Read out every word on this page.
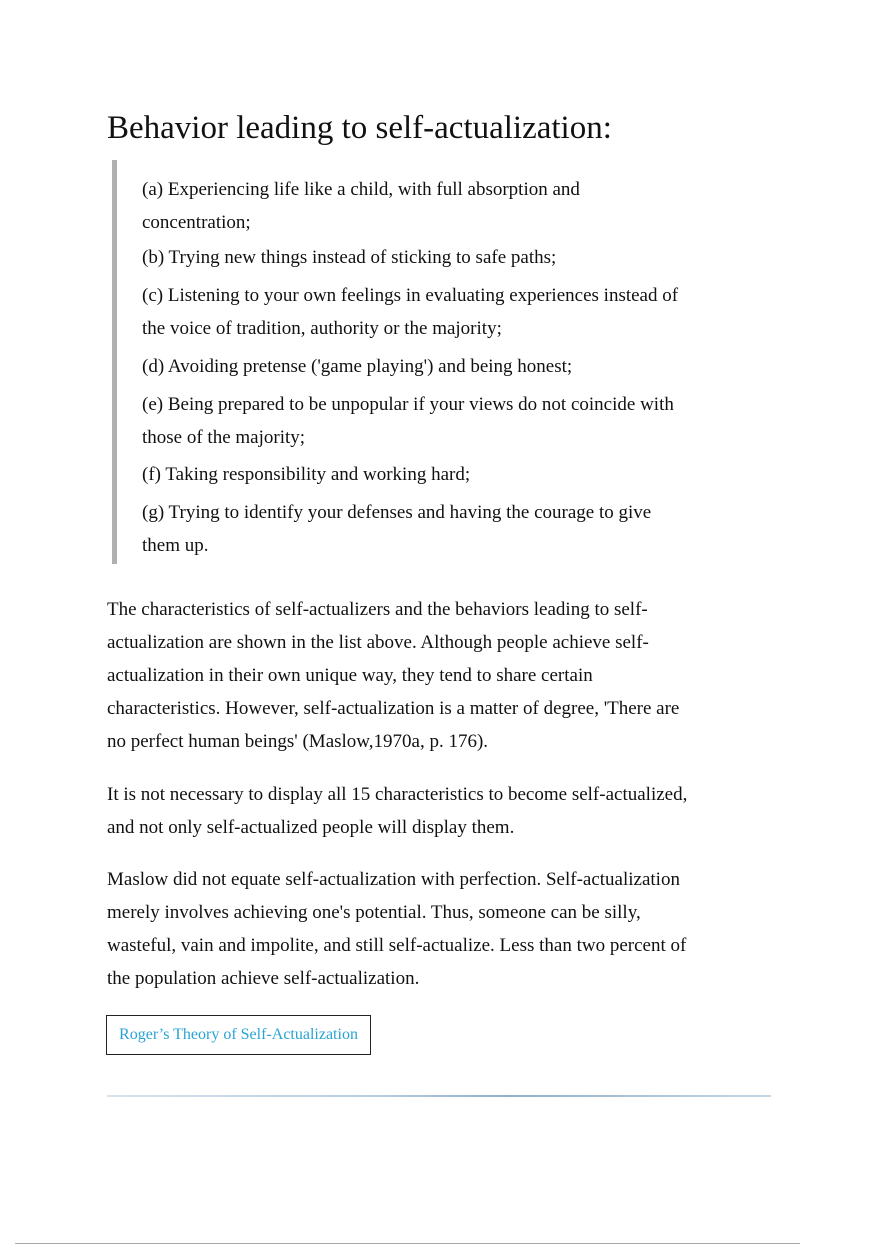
Behavior leading to self-actualization:

(a) Experiencing life like a child, with full absorption and
concentration;

(b) Trying new things instead of sticking to safe paths;

(c) Listening to your own feelings in evaluating experiences instead of
the voice of tradition, authority or the majority;

(d) Avoiding pretense ('game playing') and being honest;

(e) Being prepared to be unpopular if your views do not coincide with
those of the majority;

(f) Taking responsibility and working hard;

(g) Trying to identify your defenses and having the courage to give
them up.

The characteristics of self-actualizers and the behaviors leading to self-
actualization are shown in the list above. Although people achieve self-
actualization in their own unique way, they tend to share certain
characteristics. However, self-actualization is a matter of degree, 'There are
no perfect human beings' (Maslow,1970a, p. 176).

It is not necessary to display all 15 characteristics to become self-actualized,
and not only self-actualized people will display them.

Maslow did not equate self-actualization with perfection. Self-actualization
merely involves achieving one's potential. Thus, someone can be silly,
wasteful, vain and impolite, and still self-actualize. Less than two percent of
the population achieve self-actualization.

Roger’s Theory of Self-Actualization
